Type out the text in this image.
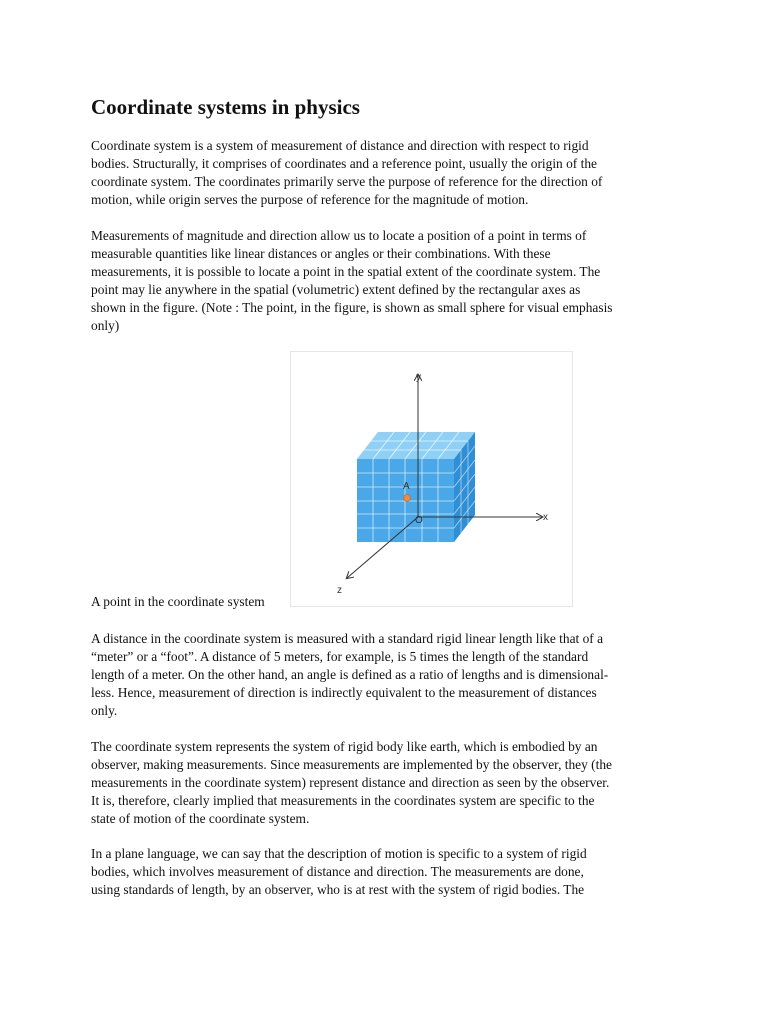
Coordinate systems in physics

Coordinate system is a system of measurement of distance and direction with respect to rigid
bodies. Structurally, it comprises of coordinates and a reference point, usually the origin of the
coordinate system. The coordinates primarily serve the purpose of reference for the direction of
motion, while origin serves the purpose of reference for the magnitude of motion.

Measurements of magnitude and direction allow us to locate a position of a point in terms of
measurable quantities like linear distances or angles or their combinations. With these
measurements, it is possible to locate a point in the spatial extent of the coordinate system. The
point may lie anywhere in the spatial (volumetric) extent defined by the rectangular axes as
shown in the figure. (Note : The point, in the figure, is shown as small sphere for visual emphasis
only)

A point in the coordinate system
y
x
z
O
A

A distance in the coordinate system is measured with a standard rigid linear length like that of a
“meter” or a “foot”. A distance of 5 meters, for example, is 5 times the length of the standard
length of a meter. On the other hand, an angle is defined as a ratio of lengths and is dimensional-
less. Hence, measurement of direction is indirectly equivalent to the measurement of distances
only.

The coordinate system represents the system of rigid body like earth, which is embodied by an
observer, making measurements. Since measurements are implemented by the observer, they (the
measurements in the coordinate system) represent distance and direction as seen by the observer.
It is, therefore, clearly implied that measurements in the coordinates system are specific to the
state of motion of the coordinate system.

In a plane language, we can say that the description of motion is specific to a system of rigid
bodies, which involves measurement of distance and direction. The measurements are done,
using standards of length, by an observer, who is at rest with the system of rigid bodies. The
